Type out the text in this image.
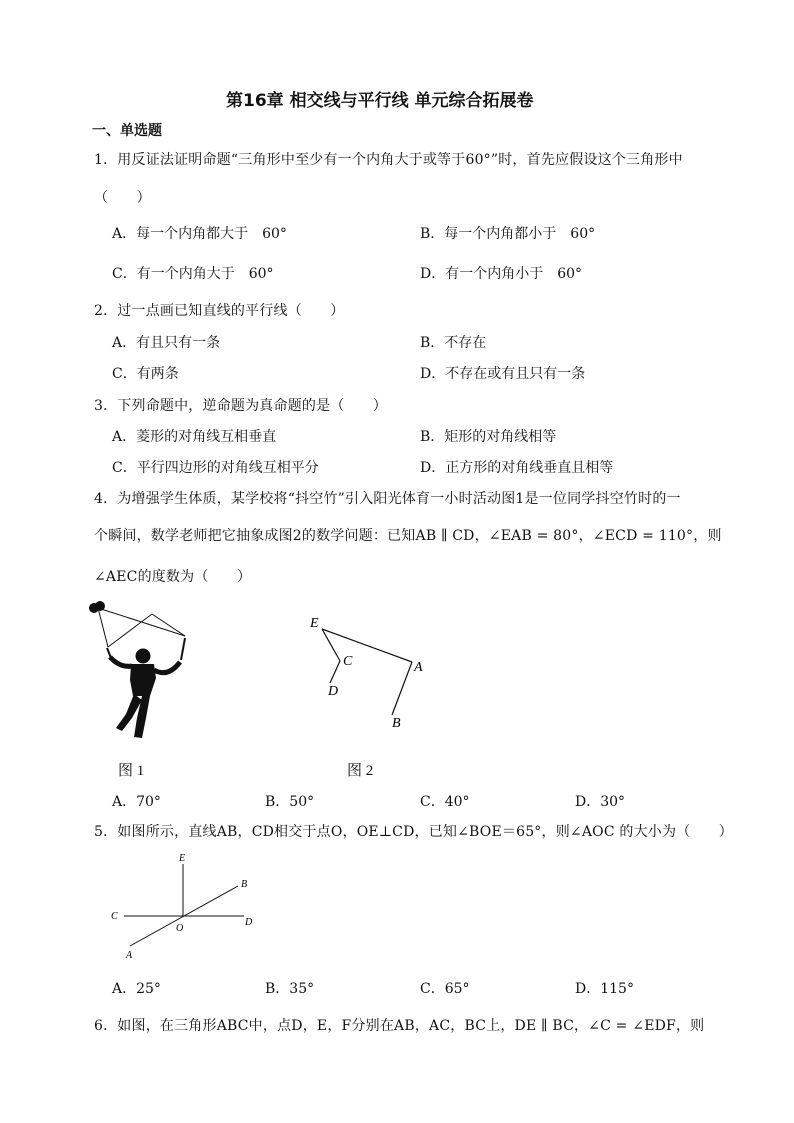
第16章 相交线与平行线 单元综合拓展卷
一、单选题
1．用反证法证明命题“三角形中至少有一个内角大于或等于60°”时，首先应假设这个三角形中
（　　）
A．每一个内角都大于　60°	B．每一个内角都小于　60°
C．有一个内角大于　60°	D．有一个内角小于　60°
2．过一点画已知直线的平行线（　　）
A．有且只有一条	B．不存在
C．有两条	D．不存在或有且只有一条
3．下列命题中，逆命题为真命题的是（　　）
A．菱形的对角线互相垂直	B．矩形的对角线相等
C．平行四边形的对角线互相平分	D．正方形的对角线垂直且相等
4．为增强学生体质，某学校将“抖空竹”引入阳光体育一小时活动图1是一位同学抖空竹时的一
个瞬间，数学老师把它抽象成图2的数学问题：已知AB ∥ CD，∠EAB = 80°，∠ECD = 110°，则
∠AEC的度数为（　　）
图 1
E
C	A
D
B
图 2
A．70°	B．50°	C．40°	D．30°
5．如图所示，直线AB，CD相交于点O，OE⊥CD，已知∠BOE＝65°，则∠AOC 的大小为（　　）
E
B
C
D
O
A
A．25°	B．35°	C．65°	D．115°
6．如图，在三角形ABC中，点D，E，F分别在AB，AC，BC上，DE ∥ BC，∠C = ∠EDF，则
